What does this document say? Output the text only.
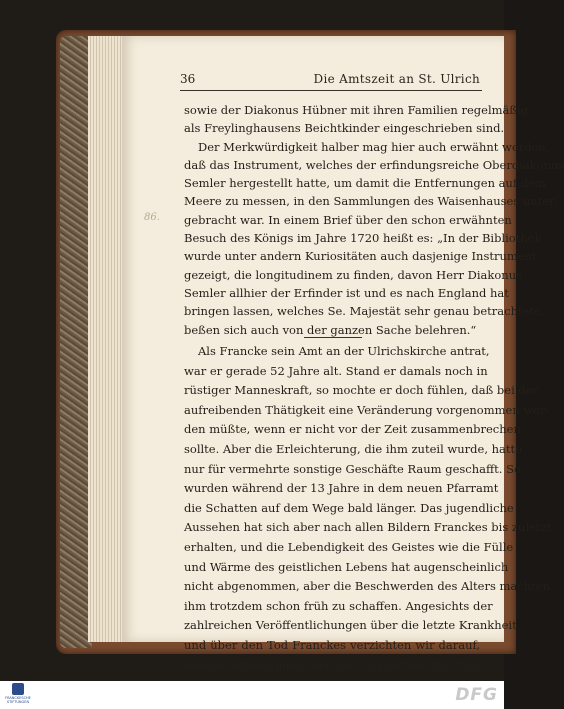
36	Die Amtszeit an St. Ulrich
86.
sowie der Diakonus Hübner mit ihren Familien regelmäßig
als Freylinghausens Beichtkinder eingeschrieben sind.
Der Merkwürdigkeit halber mag hier auch erwähnt werden,
daß das Instrument, welches der erfindungsreiche Oberdiakonus
Semler hergestellt hatte, um damit die Entfernungen auf dem
Meere zu messen, in den Sammlungen des Waisenhauses unter-
gebracht war. In einem Brief über den schon erwähnten
Besuch des Königs im Jahre 1720 heißt es: „In der Bibliothek
wurde unter andern Kuriositäten auch dasjenige Instrument
gezeigt, die longitudinem zu finden, davon Herr Diakonus
Semler allhier der Erfinder ist und es nach England hat
bringen lassen, welches Se. Majestät sehr genau betrachtete,
beßen sich auch von der ganzen Sache belehren.“
Als Francke sein Amt an der Ulrichskirche antrat,
war er gerade 52 Jahre alt. Stand er damals noch in
rüstiger Manneskraft, so mochte er doch fühlen, daß bei der
aufreibenden Thätigkeit eine Veränderung vorgenommen wer-
den müßte, wenn er nicht vor der Zeit zusammenbrechen
sollte. Aber die Erleichterung, die ihm zuteil wurde, hatte
nur für vermehrte sonstige Geschäfte Raum geschafft. So
wurden während der 13 Jahre in dem neuen Pfarramt
die Schatten auf dem Wege bald länger. Das jugendliche
Aussehen hat sich aber nach allen Bildern Franckes bis zuletzt
erhalten, und die Lebendigkeit des Geistes wie die Fülle
und Wärme des geistlichen Lebens hat augenscheinlich
nicht abgenommen, aber die Beschwerden des Alters machten
ihm trotzdem schon früh zu schaffen. Angesichts der
zahlreichen Veröffentlichungen über die letzte Krankheit
und über den Tod Franckes verzichten wir darauf,
nähere Mitteilungen hierüber zu machen. Im Früh-
FRANCKESCHE STIFTUNGEN	DFG
